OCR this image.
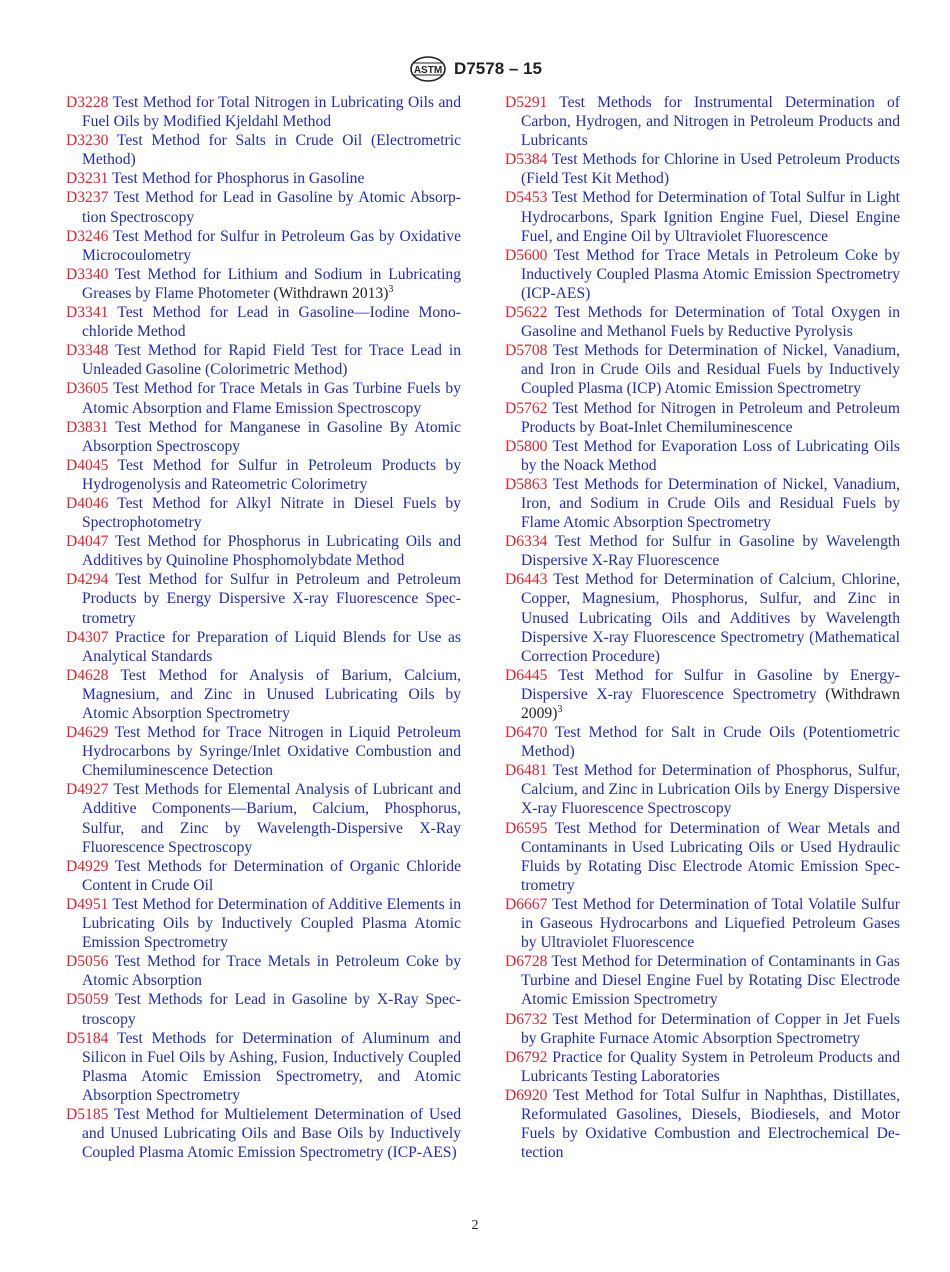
ASTM D7578 – 15
D3228 Test Method for Total Nitrogen in Lubricating Oils and Fuel Oils by Modified Kjeldahl Method
D3230 Test Method for Salts in Crude Oil (Electrometric Method)
D3231 Test Method for Phosphorus in Gasoline
D3237 Test Method for Lead in Gasoline by Atomic Absorption Spectroscopy
D3246 Test Method for Sulfur in Petroleum Gas by Oxidative Microcoulometry
D3340 Test Method for Lithium and Sodium in Lubricating Greases by Flame Photometer (Withdrawn 2013)$^3$
D3341 Test Method for Lead in Gasoline—Iodine Monochloride Method
D3348 Test Method for Rapid Field Test for Trace Lead in Unleaded Gasoline (Colorimetric Method)
D3605 Test Method for Trace Metals in Gas Turbine Fuels by Atomic Absorption and Flame Emission Spectroscopy
D3831 Test Method for Manganese in Gasoline By Atomic Absorption Spectroscopy
D4045 Test Method for Sulfur in Petroleum Products by Hydrogenolysis and Rateometric Colorimetry
D4046 Test Method for Alkyl Nitrate in Diesel Fuels by Spectrophotometry
D4047 Test Method for Phosphorus in Lubricating Oils and Additives by Quinoline Phosphomolybdate Method
D4294 Test Method for Sulfur in Petroleum and Petroleum Products by Energy Dispersive X-ray Fluorescence Spectrometry
D4307 Practice for Preparation of Liquid Blends for Use as Analytical Standards
D4628 Test Method for Analysis of Barium, Calcium, Magnesium, and Zinc in Unused Lubricating Oils by Atomic Absorption Spectrometry
D4629 Test Method for Trace Nitrogen in Liquid Petroleum Hydrocarbons by Syringe/Inlet Oxidative Combustion and Chemiluminescence Detection
D4927 Test Methods for Elemental Analysis of Lubricant and Additive Components—Barium, Calcium, Phosphorus, Sulfur, and Zinc by Wavelength-Dispersive X-Ray Fluorescence Spectroscopy
D4929 Test Methods for Determination of Organic Chloride Content in Crude Oil
D4951 Test Method for Determination of Additive Elements in Lubricating Oils by Inductively Coupled Plasma Atomic Emission Spectrometry
D5056 Test Method for Trace Metals in Petroleum Coke by Atomic Absorption
D5059 Test Methods for Lead in Gasoline by X-Ray Spectroscopy
D5184 Test Methods for Determination of Aluminum and Silicon in Fuel Oils by Ashing, Fusion, Inductively Coupled Plasma Atomic Emission Spectrometry, and Atomic Absorption Spectrometry
D5185 Test Method for Multielement Determination of Used and Unused Lubricating Oils and Base Oils by Inductively Coupled Plasma Atomic Emission Spectrometry (ICP-AES)
D5291 Test Methods for Instrumental Determination of Carbon, Hydrogen, and Nitrogen in Petroleum Products and Lubricants
D5384 Test Methods for Chlorine in Used Petroleum Products (Field Test Kit Method)
D5453 Test Method for Determination of Total Sulfur in Light Hydrocarbons, Spark Ignition Engine Fuel, Diesel Engine Fuel, and Engine Oil by Ultraviolet Fluorescence
D5600 Test Method for Trace Metals in Petroleum Coke by Inductively Coupled Plasma Atomic Emission Spectrometry (ICP-AES)
D5622 Test Methods for Determination of Total Oxygen in Gasoline and Methanol Fuels by Reductive Pyrolysis
D5708 Test Methods for Determination of Nickel, Vanadium, and Iron in Crude Oils and Residual Fuels by Inductively Coupled Plasma (ICP) Atomic Emission Spectrometry
D5762 Test Method for Nitrogen in Petroleum and Petroleum Products by Boat-Inlet Chemiluminescence
D5800 Test Method for Evaporation Loss of Lubricating Oils by the Noack Method
D5863 Test Methods for Determination of Nickel, Vanadium, Iron, and Sodium in Crude Oils and Residual Fuels by Flame Atomic Absorption Spectrometry
D6334 Test Method for Sulfur in Gasoline by Wavelength Dispersive X-Ray Fluorescence
D6443 Test Method for Determination of Calcium, Chlorine, Copper, Magnesium, Phosphorus, Sulfur, and Zinc in Unused Lubricating Oils and Additives by Wavelength Dispersive X-ray Fluorescence Spectrometry (Mathematical Correction Procedure)
D6445 Test Method for Sulfur in Gasoline by Energy-Dispersive X-ray Fluorescence Spectrometry (Withdrawn 2009)$^3$
D6470 Test Method for Salt in Crude Oils (Potentiometric Method)
D6481 Test Method for Determination of Phosphorus, Sulfur, Calcium, and Zinc in Lubrication Oils by Energy Dispersive X-ray Fluorescence Spectroscopy
D6595 Test Method for Determination of Wear Metals and Contaminants in Used Lubricating Oils or Used Hydraulic Fluids by Rotating Disc Electrode Atomic Emission Spectrometry
D6667 Test Method for Determination of Total Volatile Sulfur in Gaseous Hydrocarbons and Liquefied Petroleum Gases by Ultraviolet Fluorescence
D6728 Test Method for Determination of Contaminants in Gas Turbine and Diesel Engine Fuel by Rotating Disc Electrode Atomic Emission Spectrometry
D6732 Test Method for Determination of Copper in Jet Fuels by Graphite Furnace Atomic Absorption Spectrometry
D6792 Practice for Quality System in Petroleum Products and Lubricants Testing Laboratories
D6920 Test Method for Total Sulfur in Naphthas, Distillates, Reformulated Gasolines, Diesels, Biodiesels, and Motor Fuels by Oxidative Combustion and Electrochemical Detection
2
